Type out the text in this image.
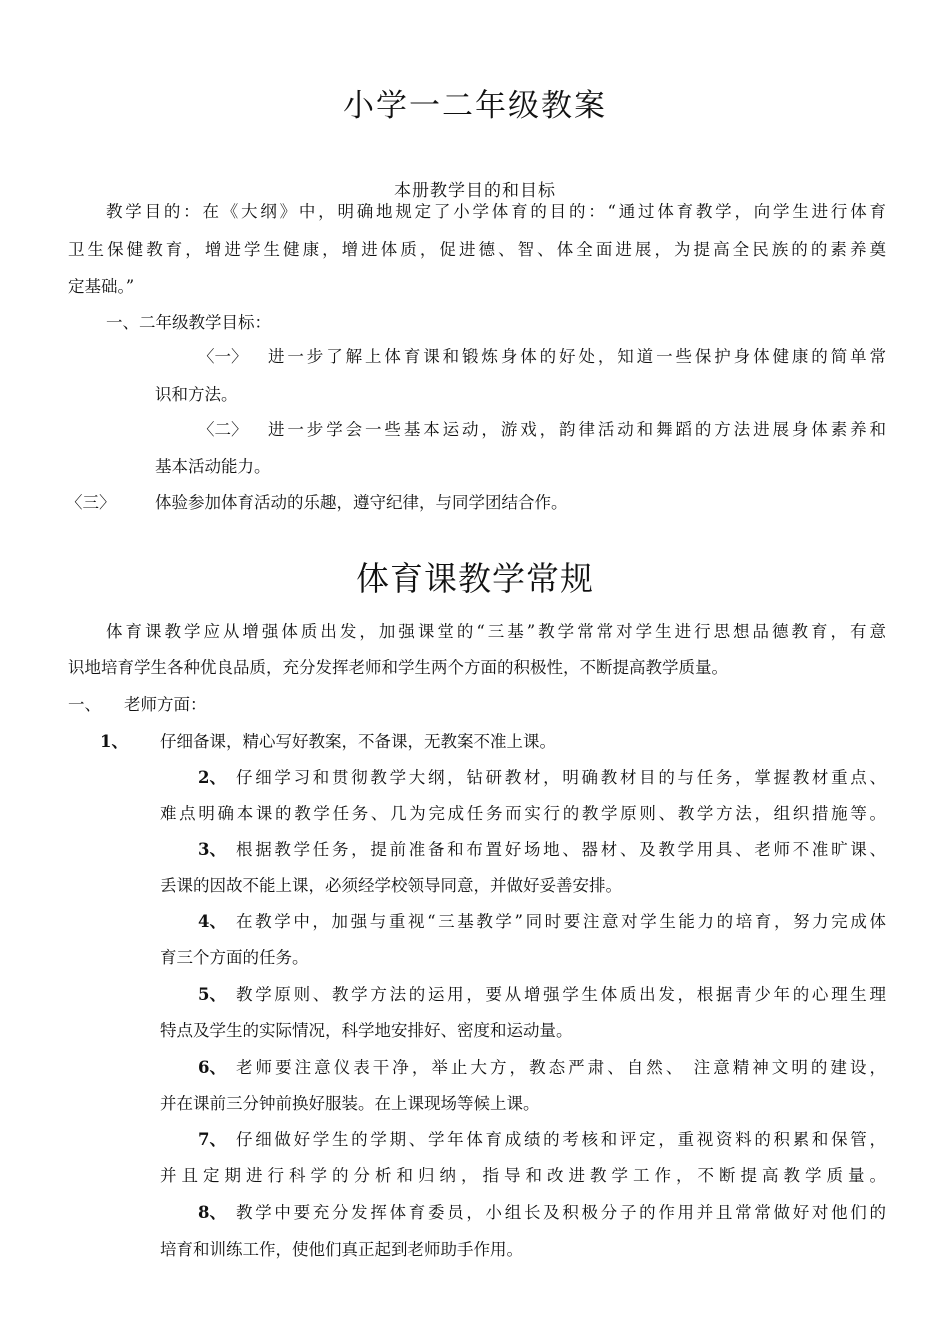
小学一二年级教案
本册教学目的和目标
教学目的：在《大纲》中，明确地规定了小学体育的目的：“通过体育教学，向学生进行体育
卫生保健教育，增进学生健康，增进体质，促进德、智、体全面进展，为提高全民族的的素养奠
定基础。”
一、二年级教学目标：
〈一〉 进一步了解上体育课和锻炼身体的好处，知道一些保护身体健康的简单常
识和方法。
〈二〉 进一步学会一些基本运动，游戏，韵律活动和舞蹈的方法进展身体素养和
基本活动能力。
〈三〉 体验参加体育活动的乐趣，遵守纪律，与同学团结合作。
体育课教学常规
体育课教学应从增强体质出发，加强课堂的“三基”教学常常对学生进行思想品德教育，有意
识地培育学生各种优良品质，充分发挥老师和学生两个方面的积极性，不断提高教学质量。
一、 老师方面：
1、 仔细备课，精心写好教案，不备课，无教案不准上课。
2、 仔细学习和贯彻教学大纲，钻研教材，明确教材目的与任务，掌握教材重点、
难点明确本课的教学任务、几为完成任务而实行的教学原则、教学方法，组织措施等。
3、 根据教学任务，提前准备和布置好场地、器材、及教学用具、老师不准旷课、
丢课的因故不能上课，必须经学校领导同意，并做好妥善安排。
4、 在教学中，加强与重视“三基教学”同时要注意对学生能力的培育，努力完成体
育三个方面的任务。
5、 教学原则、教学方法的运用，要从增强学生体质出发，根据青少年的心理生理
特点及学生的实际情况，科学地安排好、密度和运动量。
6、 老师要注意仪表干净，举止大方，教态严肃、自然、 注意精神文明的建设，
并在课前三分钟前换好服装。在上课现场等候上课。
7、 仔细做好学生的学期、学年体育成绩的考核和评定，重视资料的积累和保管，
并且定期进行科学的分析和归纳，指导和改进教学工作，不断提高教学质量。
8、 教学中要充分发挥体育委员，小组长及积极分子的作用并且常常做好对他们的
培育和训练工作，使他们真正起到老师助手作用。
